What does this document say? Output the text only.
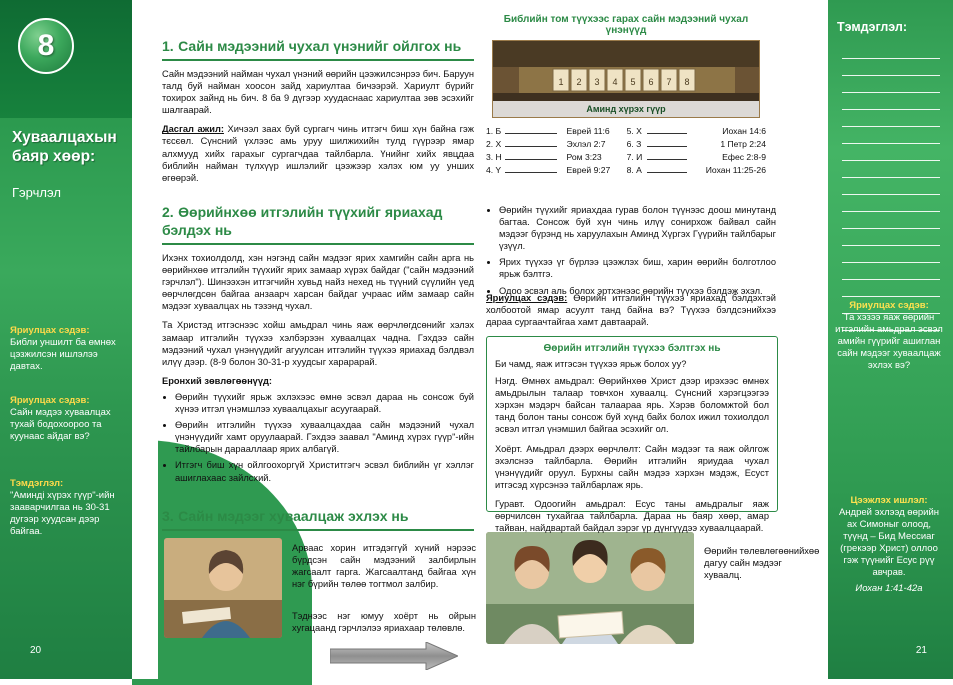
8
Хуваалцахын баяр хөөр:
Гэрчлэл
Яриулцах сэдэв:
Библи уншилт ба өмнөх цэзжилсэн ишлэлээ давтах.
Яриулцах сэдэв:
Сайн мэдээ хуваалцах тухай бодохоороо та куунаас айдаг вэ?
Тэмдэглэл:
"Аминдi хүрэх гүүр"-ийн зааварчилгаа нь 30-31 дугээр хуудсан дээр байгаа.
20
Тэмдэглэл:
Яриулцах сэдэв:
Та хэзээ яаж өөрийн итгэлийн амьдрал эсвэл амийн гүүрийг ашиглан сайн мэдээг хуваалцаж эхлэх вэ?
Цээжлэх ишлэл:
Андрей эхлээд өөрийн ах Симоныг олоод, түүнд – Бид Мессиаг (грекээр Христ) оллоо гэж түүнийг Есус рүү авчрав.
Иохан 1:41-42а
21
1. Сайн мэдээний чухал үнэнийг ойлгох нь

Сайн мэдээний найман чухал үнэний өөрийн цээжилсэнрээ бич. Баруун талд буй найман хоосон зайд хариултаа бичээрэй. Хариулт бүрийг тохирох зайнд нь бич. 8 ба 9 дүгээр хуудаснаас хариултаа зөв эсэхийг шалгаарай.

Дасгал ажил: Хичээл заах буй сургагч чинь итгэгч биш хүн байна гэж тєсєөл. Сүнсний үхлээс амь уруу шилжихийн тулд гүүрээр ямар алхмууд хийх гарахыг сургагчдаа тайлбарла. Үнийнг хийх явцдаа библийн найман түлхүүр ишлэлийг цээжээр хэлэх юм уу унших өгөөрэй.

2. Өөрийнхөө итгэлийн түүхийг яриахад бэлдэх нь

Ихэнх тохиолдолд, хэн нэгэнд сайн мэдээг ярих хамгийн сайн арга нь өөрийнхөө итгэлийн түүхийг ярих замаар хүрэх байдаг ("сайн мэдээний гэрчлэл"). Шинээхэн итгэгчийн хувьд найз нехед нь түүний сүүлийн үед өөрчлөгдсөн байгаа анзаарч харсан байдаг учраас ийм замаар сайн мэдээг хуваалцах нь тэзэнд чухал.

Та Христэд итгэснээс хойш амьдрал чинь яаж өөрчлөгдсөнийг хэлэх замаар итгэлийн түүхээ хэлбэрээн хуваалцах чадна. Гэхдээ сайн мэдээний чухал үнэнүүдийг агуулсан итгэлийн түүхээ яриахад бэлдвэл илүү дээр. (8-9 болон 30-31-р хуудсыг харарарай.

Еронхий зөвлөгөөнүүд:

• Өөрийн түүхийг ярьж эхлэхээс өмнө эсвэл дараа нь сонсож буй хүнээ итгэл үнэмшлээ хуваалцахыг асуугаарай.
• Өөрийн итгэлийн түүхээ хуваалцахдаа сайн мэдээний чухал үнэнүүдийг хамт оруулаарай. Гэхдээ заавал "Аминд хүрэх гүүр"-ийн тайлбарын дарааллаар ярих албагүй.
• Итгэгч биш хүн ойлгоохоргүй Христитгэгч эсвэл библийн үг хэллэг ашиглахаас зайлсхий.
3. Сайн мэдээг хуваалцаж эхлэх нь
Арваас хорин итгэдэггүй хүний нэрээс бүрдсэн сайн мэдээний залбирлын жагсаалт гарга. Жагсаалтанд байгаа хүн нэг бүрийн төлөө тогтмол залбир.
Тэднээс нэг юмуу хоёрт нь ойрын хугацаанд гэрчлэлээ яриахаар төлөвлө.
Өөрийн төлевлөгөөнийхөө дагуу сайн мэдээг хуваалц.
Библийн том түүхээс гарах сайн мэдээний чухал үнэнүүд
1 2 3 4 5 6 7 8
Аминд хүрэх гүүр
1. Б		Еврей 11:6	5. Х		Иохан 14:6
2. Х		Эхлэл 2:7	6. З		1 Петр 2:24
3. Н		Ром 3:23	7. И		Ефес 2:8-9
4. Y		Еврей 9:27	8. А		Иохан 11:25-26
• Өөрийн түүхийг яриахдаа гурав болон түүнээс доош минутанд багтаа. Сонсож буй хүн чинь илүү сонирхож байвал сайн мэдээг бүрэнд нь харуулахын Аминд Хүргэх Гүүрийн тайлбарыг үзүүл.
• Ярих түүхээ үг бүрлээ цээжлэх биш, харин өөрийн болготлоо ярьж бэлтгэ.
• Одоо эсвэл аль болох эртхэнээс өөрийн түүхээ бэлдэж эхэл.

Яриулцах сэдэв: Өөрийн итгэлийн түүхээ яриахад бэлдэхтэй холбоотой ямар асуулт танд байна вэ? Түүхээ бэлдсэнийхээ дараа сургаачтайгаа хамт давтаарай.

Өөрийн итгэлийн түүхээ бэлтгэх нь

Би чамд, яаж итгэсэн түүхээ ярьж болох уу?

Нэгд. Өмнөх амьдрал: Өөрийнхөө Христ дээр ирэхээс өмнөх амьдрылын талаар товчхон хуваалц. Сүнсний хэрэгцээгээ хэрхэн мэдэрч байсан талаараа ярь. Хэрэв боломжтой бол танд болон таны сонсож буй хүнд байх болох ижил тохиолдол эсвэл итгэл үнэмшил байгаа эсэхийг ол.

Хоёрт. Амьдрал дээрх өөрчлөлт: Сайн мэдээг та яаж ойлгож эхэлснээ тайлбарла. Өөрийн итгэлийн яриудаа чухал үнэнүүдийг оруул. Бурхны сайн мэдээ хэрхэн мэдэж, Есуст итгэсэд хүрсэнээ тайлбарлаж ярь.

Гуравт. Одоогийн амьдрал: Есус таны амьдралыг яаж өөрчилсөн тухайгаа тайлбарла. Дараа нь баяр хөөр, амар тайван, найдвартай байдал зэрэг үр дүнгүүдээ хуваалцаарай.
